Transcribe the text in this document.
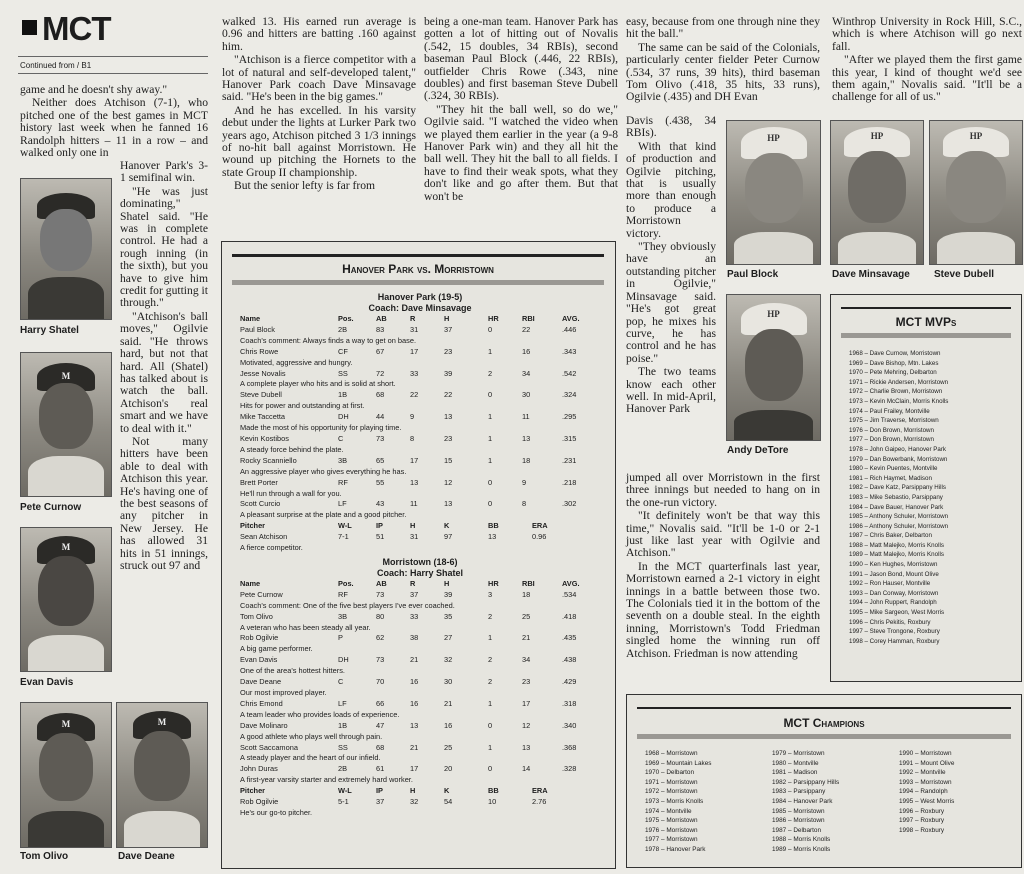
MCT
Continued from / B1

game and he doesn't shy away."

Neither does Atchison (7-1), who pitched one of the best games in MCT history last week when he fanned 16 Randolph hitters – 11 in a row – and walked only one in

Hanover Park's 3-1 semifinal win.

"He was just dominating," Shatel said. "He was in complete control. He had a rough inning (in the sixth), but you have to give him credit for gutting it through."

"Atchison's ball moves," Ogilvie said. "He throws hard, but not that hard. All (Shatel) has talked about is watch the ball. Atchison's real smart and we have to deal with it."

Not many hitters have been able to deal with Atchison this year. He's having one of the best seasons of any pitcher in New Jersey. He has allowed 31 hits in 51 innings, struck out 97 and

Harry Shatel
M
Pete Curnow
M
Evan Davis
M
Tom Olivo
M
Dave Deane

walked 13. His earned run average is 0.96 and hitters are batting .160 against him.

"Atchison is a fierce competitor with a lot of natural and self-developed talent," Hanover Park coach Dave Minsavage said. "He's been in the big games."

And he has excelled. In his varsity debut under the lights at Lurker Park two years ago, Atchison pitched 3 1/3 innings of no-hit ball against Morristown. He wound up pitching the Hornets to the state Group II championship.

But the senior lefty is far from

being a one-man team. Hanover Park has gotten a lot of hitting out of Novalis (.542, 15 doubles, 34 RBIs), second baseman Paul Block (.446, 22 RBIs), outfielder Chris Rowe (.343, nine doubles) and first baseman Steve Dubell (.324, 30 RBIs).

"They hit the ball well, so do we," Ogilvie said. "I watched the video when we played them earlier in the year (a 9-8 Hanover Park win) and they all hit the ball well. They hit the ball to all fields. I have to find their weak spots, what they don't like and go after them. But that won't be

Hanover Park vs. Morristown
Hanover Park (19-5)
Coach: Dave Minsavage
Name	Pos.	AB	R	H	HR	RBI	AVG.
Paul Block	2B	83	31	37	0	22	.446
Coach's comment: Always finds a way to get on base.
Chris Rowe	CF	67	17	23	1	16	.343
Motivated, aggressive and hungry.
Jesse Novalis	SS	72	33	39	2	34	.542
A complete player who hits and is solid at short.
Steve Dubell	1B	68	22	22	0	30	.324
Hits for power and outstanding at first.
Mike Taccetta	DH	44	9	13	1	11	.295
Made the most of his opportunity for playing time.
Kevin Kostibos	C	73	8	23	1	13	.315
A steady force behind the plate.
Rocky Scanniello	3B	65	17	15	1	18	.231
An aggressive player who gives everything he has.
Brett Porter	RF	55	13	12	0	9	.218
He'll run through a wall for you.
Scott Curcio	LF	43	11	13	0	8	.302
A pleasant surprise at the plate and a good pitcher.
Pitcher	W-L	IP	H	K	BB	ERA
Sean Atchison	7-1	51	31	97	13	0.96
A fierce competitor.
Morristown (18-6)
Coach: Harry Shatel
Name	Pos.	AB	R	H	HR	RBI	AVG.
Pete Curnow	RF	73	37	39	3	18	.534
Coach's comment: One of the five best players I've ever coached.
Tom Olivo	3B	80	33	35	2	25	.418
A veteran who has been steady all year.
Rob Ogilvie	P	62	38	27	1	21	.435
A big game performer.
Evan Davis	DH	73	21	32	2	34	.438
One of the area's hottest hitters.
Dave Deane	C	70	16	30	2	23	.429
Our most improved player.
Chris Emond	LF	66	16	21	1	17	.318
A team leader who provides loads of experience.
Dave Molinaro	1B	47	13	16	0	12	.340
A good athlete who plays well through pain.
Scott Saccamona	SS	68	21	25	1	13	.368
A steady player and the heart of our infield.
John Duras	2B	61	17	20	0	14	.328
A first-year varsity starter and extremely hard worker.
Pitcher	W-L	IP	H	K	BB	ERA
Rob Ogilvie	5-1	37	32	54	10	2.76
He's our go-to pitcher.

easy, because from one through nine they hit the ball."

The same can be said of the Colonials, particularly center fielder Peter Curnow (.534, 37 runs, 39 hits), third baseman Tom Olivo (.418, 35 hits, 33 runs), Ogilvie (.435) and DH Evan

Davis (.438, 34 RBIs).

With that kind of production and Ogilvie pitching, that is usually more than enough to produce a Morristown victory.

"They obviously have an outstanding pitcher in Ogilvie," Minsavage said. "He's got great pop, he mixes his curve, he has control and he has poise."

The two teams know each other well. In mid-April, Hanover Park

jumped all over Morristown in the first three innings but needed to hang on in the one-run victory.

"It definitely won't be that way this time," Novalis said. "It'll be 1-0 or 2-1 just like last year with Ogilvie and Atchison."

In the MCT quarterfinals last year, Morristown earned a 2-1 victory in eight innings in a battle between those two. The Colonials tied it in the bottom of the seventh on a double steal. In the eighth inning, Morristown's Todd Friedman singled home the winning run off Atchison. Friedman is now attending

Winthrop University in Rock Hill, S.C., which is where Atchison will go next fall.

"After we played them the first game this year, I kind of thought we'd see them again," Novalis said. "It'll be a challenge for all of us."

HP
Paul Block
HP
Dave Minsavage
HP
Steve Dubell
HP
Andy DeTore
MCT MVPs
1968 – Dave Curnow, Morristown
1969 – Dave Bishop, Mtn. Lakes
1970 – Pete Mehring, Delbarton
1971 – Rickie Andersen, Morristown
1972 – Charlie Brown, Morristown
1973 – Kevin McClain, Morris Knolls
1974 – Paul Frailey, Montville
1975 – Jim Traverse, Morristown
1976 – Don Brown, Morristown
1977 – Don Brown, Morristown
1978 – John Gaipeo, Hanover Park
1979 – Dan Bowerbank, Morristown
1980 – Kevin Puentes, Montville
1981 – Rich Haymet, Madison
1982 – Dave Katz, Parsippany Hills
1983 – Mike Sebastio, Parsippany
1984 – Dave Bauer, Hanover Park
1985 – Anthony Schuler, Morristown
1986 – Anthony Schuler, Morristown
1987 – Chris Baker, Delbarton
1988 – Matt Malejko, Morris Knolls
1989 – Matt Malejko, Morris Knolls
1990 – Ken Hughes, Morristown
1991 – Jason Bond, Mount Olive
1992 – Ron Hauser, Montville
1993 – Dan Conway, Morristown
1994 – John Ruppert, Randolph
1995 – Mike Sargeon, West Morris
1996 – Chris Pekitis, Roxbury
1997 – Steve Trongone, Roxbury
1998 – Corey Hamman, Roxbury
MCT Champions
1968 – Morristown
1969 – Mountain Lakes
1970 – Delbarton
1971 – Morristown
1972 – Morristown
1973 – Morris Knolls
1974 – Montville
1975 – Morristown
1976 – Morristown
1977 – Morristown
1978 – Hanover Park
1979 – Morristown
1980 – Montville
1981 – Madison
1982 – Parsippany Hills
1983 – Parsippany
1984 – Hanover Park
1985 – Morristown
1986 – Morristown
1987 – Delbarton
1988 – Morris Knolls
1989 – Morris Knolls
1990 – Morristown
1991 – Mount Olive
1992 – Montville
1993 – Morristown
1994 – Randolph
1995 – West Morris
1996 – Roxbury
1997 – Roxbury
1998 – Roxbury
